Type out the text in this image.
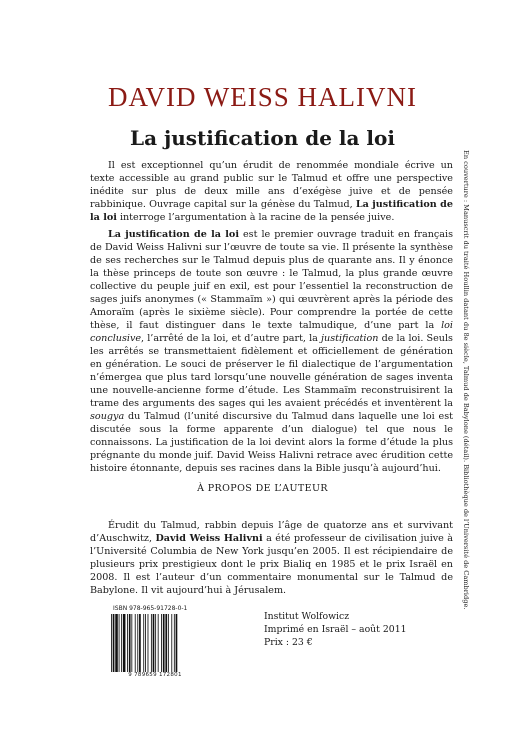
DAVID WEISS HALIVNI
La justification de la loi

Il est exceptionnel qu’un érudit de renommée mondiale écrive un texte accessible au grand public sur le Talmud et offre une perspective inédite sur plus de deux mille ans d’exégèse juive et de pensée rabbinique. Ouvrage capital sur la génèse du Talmud, La justification de la loi interroge l’argumentation à la racine de la pensée juive.

La justification de la loi est le premier ouvrage traduit en français de David Weiss Halivni sur l’œuvre de toute sa vie. Il présente la synthèse de ses recherches sur le Talmud depuis plus de quarante ans. Il y énonce la thèse princeps de toute son œuvre : le Talmud, la plus grande œuvre collective du peuple juif en exil, est pour l’essentiel la reconstruction de sages juifs anonymes (« Stammaïm ») qui œuvrèrent après la période des Amoraïm (après le sixième siècle). Pour comprendre la portée de cette thèse, il faut distinguer dans le texte talmudique, d’une part la loi conclusive, l’arrêté de la loi, et d’autre part, la justification de la loi. Seuls les arrêtés se transmettaient fidèlement et officiellement de génération en génération. Le souci de préserver le fil dialectique de l’argumentation n’émergea que plus tard lorsqu’une nouvelle génération de sages inventa une nouvelle-ancienne forme d’étude. Les Stammaïm reconstruisirent la trame des arguments des sages qui les avaient précédés et inventèrent la sougya du Talmud (l’unité discursive du Talmud dans laquelle une loi est discutée sous la forme apparente d’un dialogue) tel que nous le connaissons. La justification de la loi devint alors la forme d’étude la plus prégnante du monde juif. David Weiss Halivni retrace avec érudition cette histoire étonnante, depuis ses racines dans la Bible jusqu’à aujourd’hui.

À PROPOS DE L’AUTEUR

Érudit du Talmud, rabbin depuis l’âge de quatorze ans et survivant d’Auschwitz, David Weiss Halivni a été professeur de civilisation juive à l’Université Columbia de New York jusqu’en 2005. Il est récipiendaire de plusieurs prix prestigieux dont le prix Bialiq en 1985 et le prix Israël en 2008. Il est l’auteur d’un commentaire monumental sur le Talmud de Babylone. Il vit aujourd’hui à Jérusalem.

ISBN 978-965-91728-0-1
9 789659 172801
Institut Wolfowicz
Imprimé en Israël – août 2011
Prix : 23 €
En couverture : Manuscrit du traité Houllin datant du 8e siècle, Talmud de Babylone (détail). Bibliothèque de l’Université de Cambridge.
